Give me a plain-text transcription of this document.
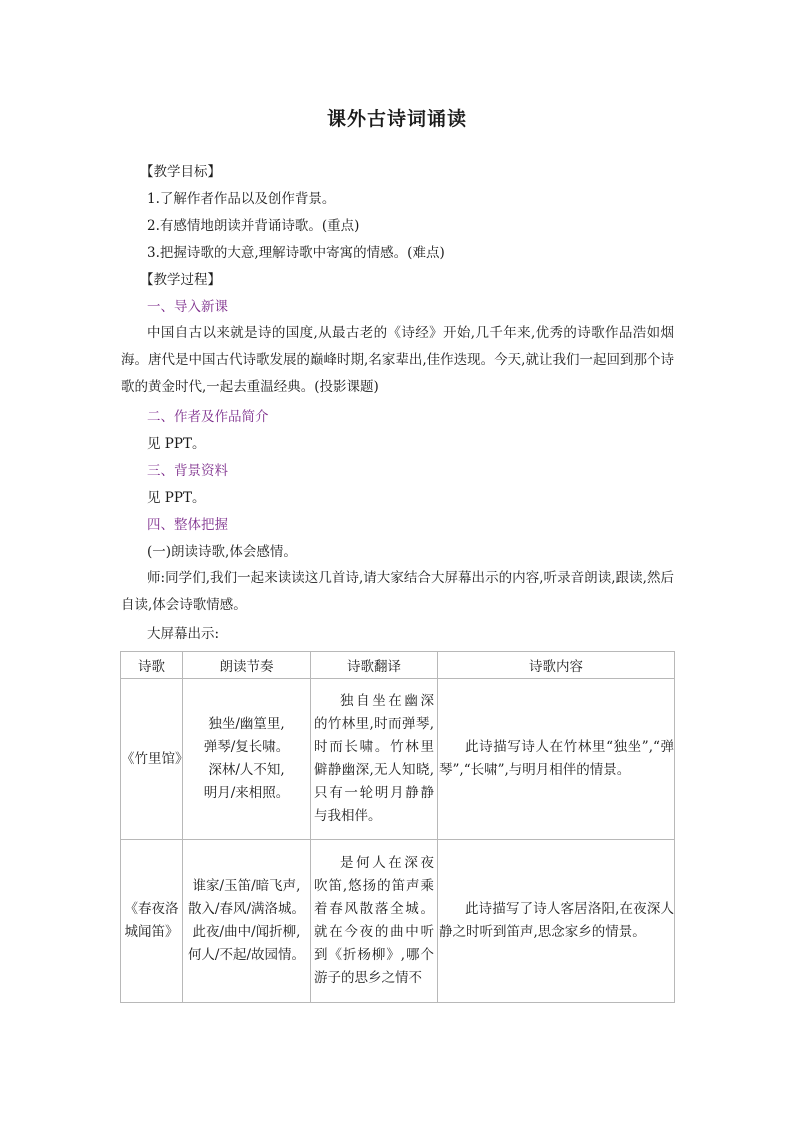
课外古诗词诵读
【教学目标】
1.了解作者作品以及创作背景。
2.有感情地朗读并背诵诗歌。(重点)
3.把握诗歌的大意,理解诗歌中寄寓的情感。(难点)
【教学过程】
一、导入新课
中国自古以来就是诗的国度,从最古老的《诗经》开始,几千年来,优秀的诗歌作品浩如烟海。唐代是中国古代诗歌发展的巅峰时期,名家辈出,佳作迭现。今天,就让我们一起回到那个诗歌的黄金时代,一起去重温经典。(投影课题)
二、作者及作品简介
见 PPT。
三、背景资料
见 PPT。
四、整体把握
(一)朗读诗歌,体会感情。
师:同学们,我们一起来读读这几首诗,请大家结合大屏幕出示的内容,听录音朗读,跟读,然后自读,体会诗歌情感。
大屏幕出示:
诗歌	朗读节奏	诗歌翻译	诗歌内容

《竹里馆》	独坐/幽篁里,
弹琴/复长啸。
深林/人不知,
明月/来相照。	独自坐在幽深的竹林里,时而弹琴,时而长啸。竹林里僻静幽深,无人知晓,只有一轮明月静静与我相伴。	此诗描写诗人在竹林里“独坐”,“弹琴”,“长啸”,与明月相伴的情景。

《春夜洛城闻笛》	谁家/玉笛/暗飞声,
散入/春风/满洛城。
此夜/曲中/闻折柳,
何人/不起/故园情。	是何人在深夜吹笛,悠扬的笛声乘着春风散落全城。就在今夜的曲中听到《折杨柳》,哪个游子的思乡之情不	此诗描写了诗人客居洛阳,在夜深人静之时听到笛声,思念家乡的情景。
